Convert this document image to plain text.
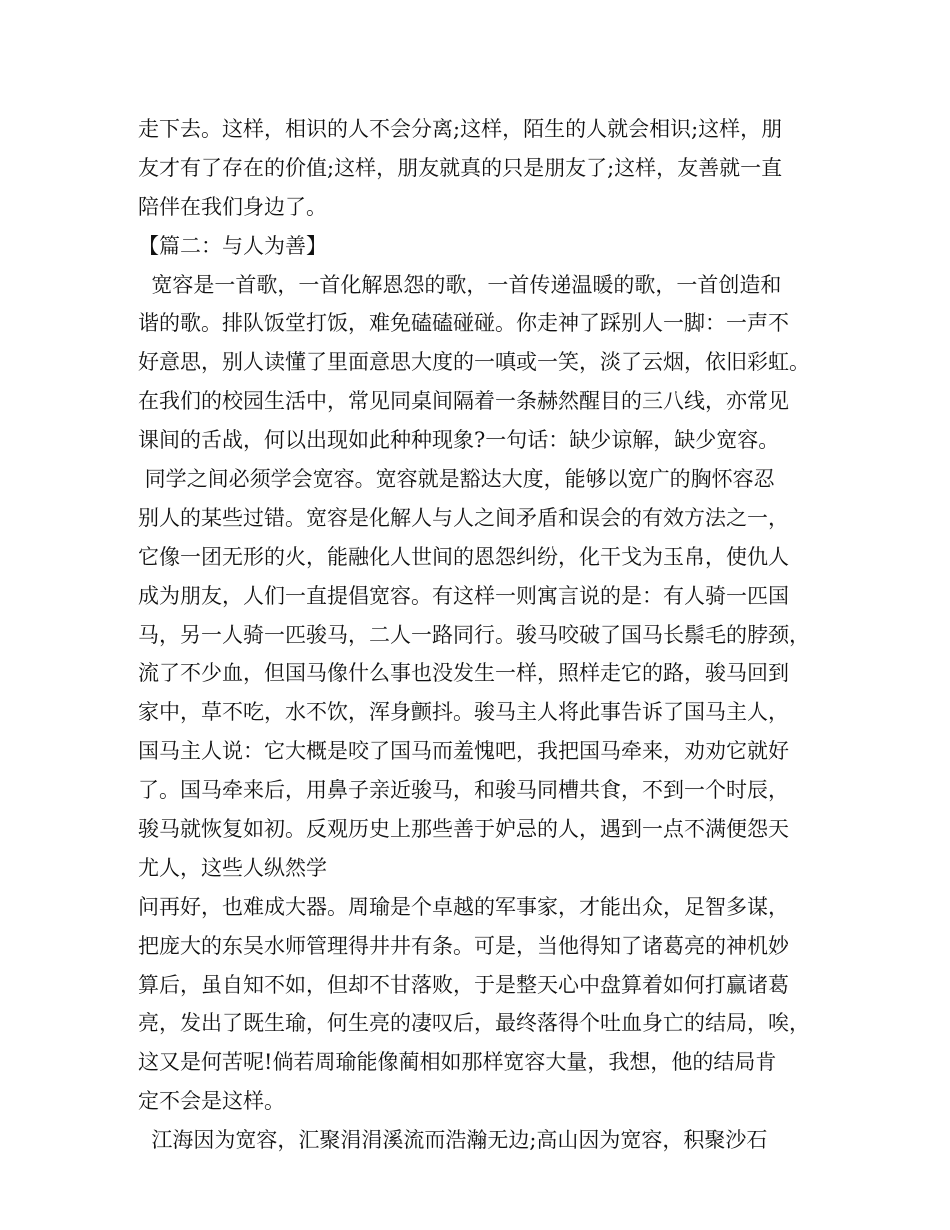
走下去。这样，相识的人不会分离;这样，陌生的人就会相识;这样，朋
友才有了存在的价值;这样，朋友就真的只是朋友了;这样，友善就一直
陪伴在我们身边了。
【篇二：与人为善】
宽容是一首歌，一首化解恩怨的歌，一首传递温暖的歌，一首创造和
谐的歌。排队饭堂打饭，难免磕磕碰碰。你走神了踩别人一脚：一声不
好意思，别人读懂了里面意思大度的一嗔或一笑，淡了云烟，依旧彩虹。
在我们的校园生活中，常见同桌间隔着一条赫然醒目的三八线，亦常见
课间的舌战，何以出现如此种种现象?一句话：缺少谅解，缺少宽容。
同学之间必须学会宽容。宽容就是豁达大度，能够以宽广的胸怀容忍
别人的某些过错。宽容是化解人与人之间矛盾和误会的有效方法之一，
它像一团无形的火，能融化人世间的恩怨纠纷，化干戈为玉帛，使仇人
成为朋友，人们一直提倡宽容。有这样一则寓言说的是：有人骑一匹国
马，另一人骑一匹骏马，二人一路同行。骏马咬破了国马长鬃毛的脖颈，
流了不少血，但国马像什么事也没发生一样，照样走它的路，骏马回到
家中，草不吃，水不饮，浑身颤抖。骏马主人将此事告诉了国马主人，
国马主人说：它大概是咬了国马而羞愧吧，我把国马牵来，劝劝它就好
了。国马牵来后，用鼻子亲近骏马，和骏马同槽共食，不到一个时辰，
骏马就恢复如初。反观历史上那些善于妒忌的人，遇到一点不满便怨天
尤人，这些人纵然学
问再好，也难成大器。周瑜是个卓越的军事家，才能出众，足智多谋，
把庞大的东吴水师管理得井井有条。可是，当他得知了诸葛亮的神机妙
算后，虽自知不如，但却不甘落败，于是整天心中盘算着如何打赢诸葛
亮，发出了既生瑜，何生亮的凄叹后，最终落得个吐血身亡的结局，唉，
这又是何苦呢!倘若周瑜能像蔺相如那样宽容大量，我想，他的结局肯
定不会是这样。
江海因为宽容，汇聚涓涓溪流而浩瀚无边;高山因为宽容，积聚沙石
